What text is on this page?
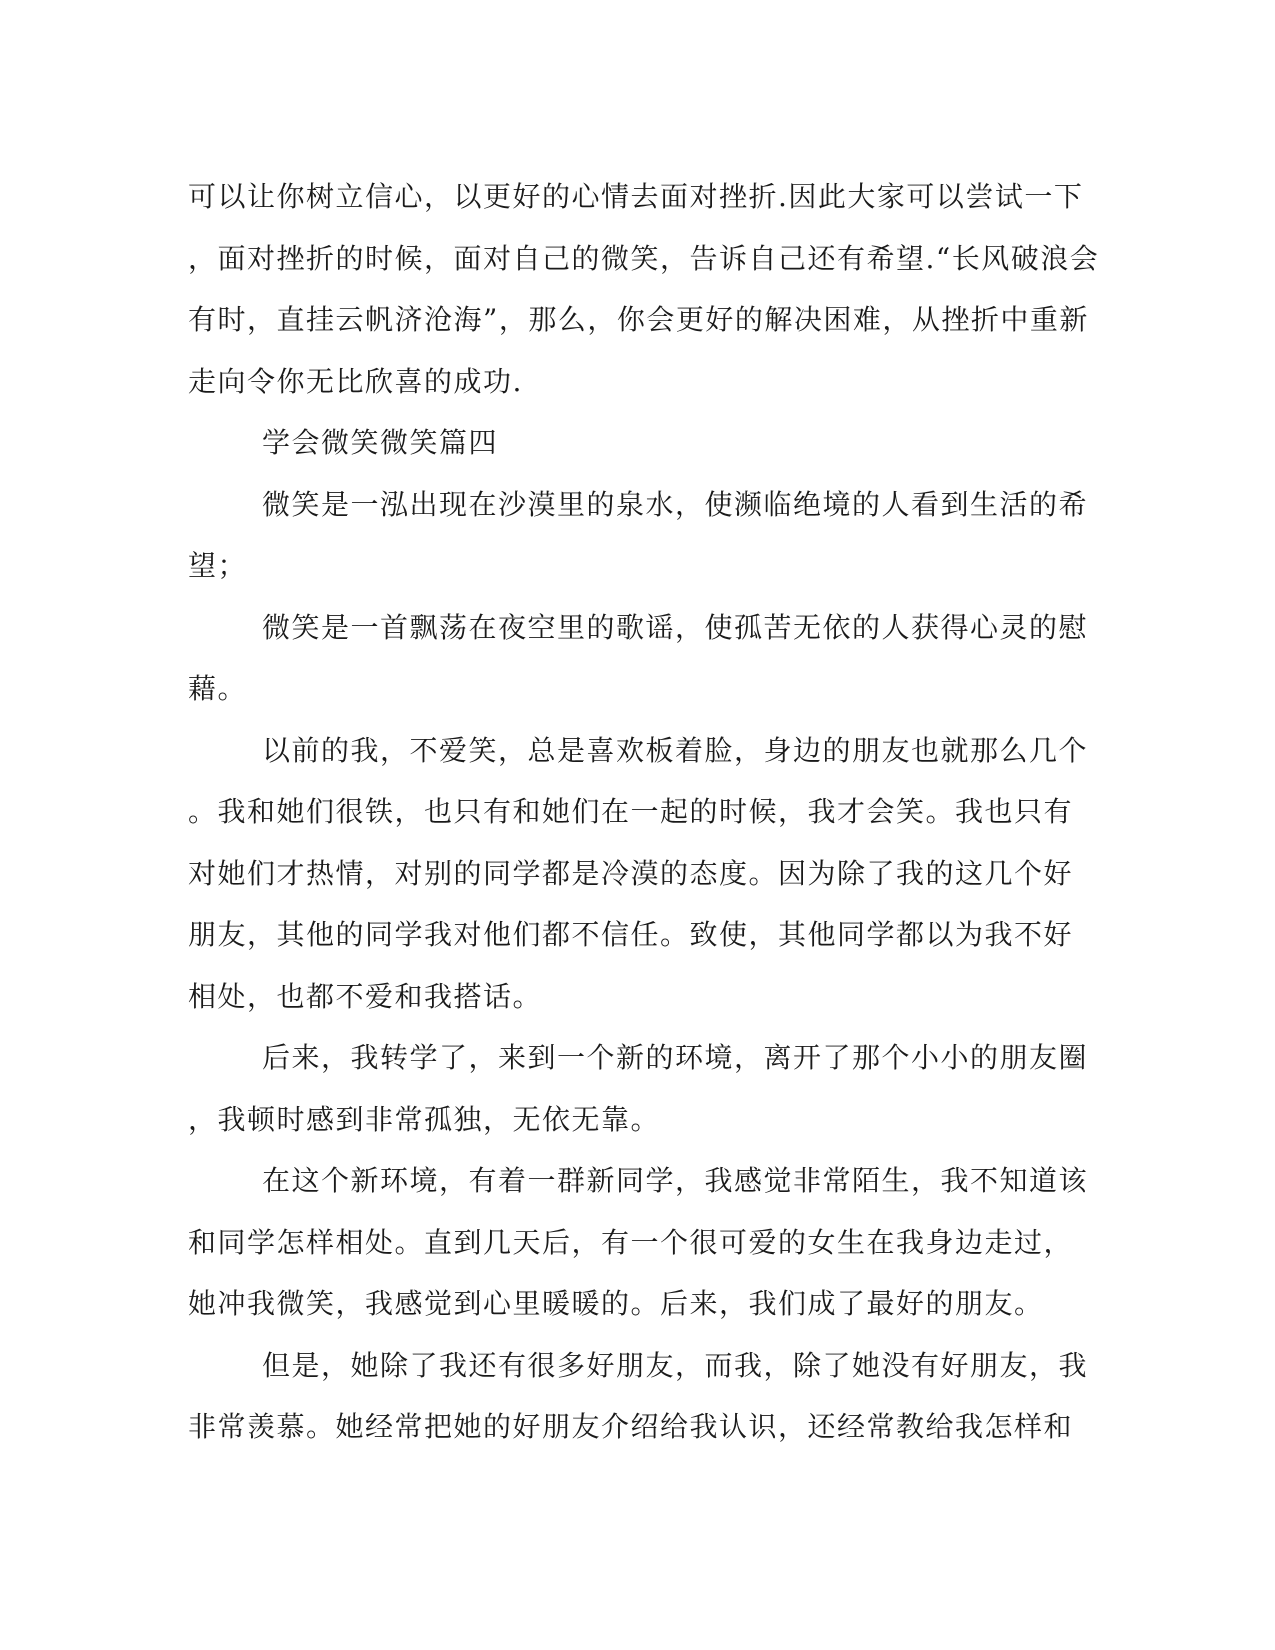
可以让你树立信心，以更好的心情去面对挫折.因此大家可以尝试一下
，面对挫折的时候，面对自己的微笑，告诉自己还有希望.“长风破浪会
有时，直挂云帆济沧海”，那么，你会更好的解决困难，从挫折中重新
走向令你无比欣喜的成功.
学会微笑微笑篇四
微笑是一泓出现在沙漠里的泉水，使濒临绝境的人看到生活的希
望；
微笑是一首飘荡在夜空里的歌谣，使孤苦无依的人获得心灵的慰
藉。
以前的我，不爱笑，总是喜欢板着脸，身边的朋友也就那么几个
。我和她们很铁，也只有和她们在一起的时候，我才会笑。我也只有
对她们才热情，对别的同学都是冷漠的态度。因为除了我的这几个好
朋友，其他的同学我对他们都不信任。致使，其他同学都以为我不好
相处，也都不爱和我搭话。
后来，我转学了，来到一个新的环境，离开了那个小小的朋友圈
，我顿时感到非常孤独，无依无靠。
在这个新环境，有着一群新同学，我感觉非常陌生，我不知道该
和同学怎样相处。直到几天后，有一个很可爱的女生在我身边走过，
她冲我微笑，我感觉到心里暖暖的。后来，我们成了最好的朋友。
但是，她除了我还有很多好朋友，而我，除了她没有好朋友，我
非常羡慕。她经常把她的好朋友介绍给我认识，还经常教给我怎样和
